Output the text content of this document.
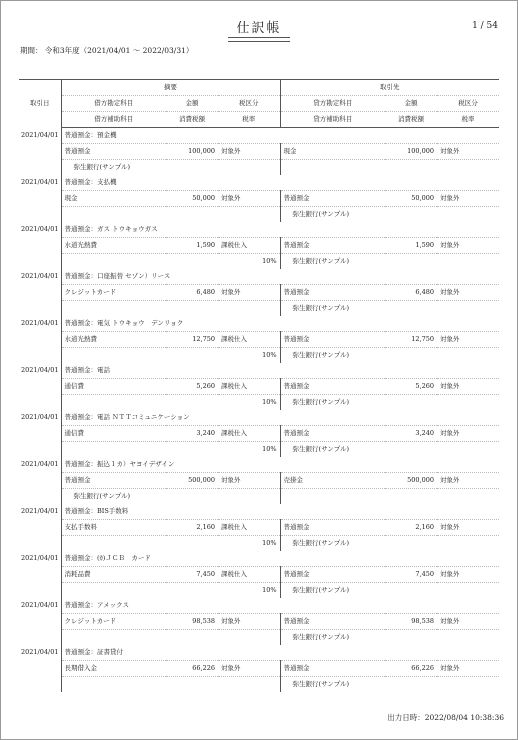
仕訳帳	1 / 54
期間： 令和3年度（2021/04/01 ～ 2022/03/31）
取引日	摘要			取引先		
	借方勘定科目	金額	税区分	貸方勘定科目	金額	税区分
	借方補助科目	消費税額	税率	貸方補助科目	消費税額	税率
2021/04/01	普通預金：預金機					
	普通預金	100,000	対象外	現金	100,000	対象外
	弥生銀行(サンプル)					
2021/04/01	普通預金：支払機					
	現金	50,000	対象外	普通預金	50,000	対象外
				弥生銀行(サンプル)		
2021/04/01	普通預金：ガス トウキョウガス					
	水道光熱費	1,590	課税仕入	普通預金	1,590	対象外
			10%	弥生銀行(サンプル)		
2021/04/01	普通預金：口座振替 セゾン）リース					
	クレジットカード	6,480	対象外	普通預金	6,480	対象外
				弥生銀行(サンプル)		
2021/04/01	普通預金：電気 トウキョウ　デンリョク					
	水道光熱費	12,750	課税仕入	普通預金	12,750	対象外
			10%	弥生銀行(サンプル)		
2021/04/01	普通預金：電話					
	通信費	5,260	課税仕入	普通預金	5,260	対象外
			10%	弥生銀行(サンプル)		
2021/04/01	普通預金：電話 ＮＴＴコミュニケーション					
	通信費	3,240	課税仕入	普通預金	3,240	対象外
			10%	弥生銀行(サンプル)		
2021/04/01	普通預金：振込１カ）ヤヨイデザイン					
	普通預金	500,000	対象外	売掛金	500,000	対象外
	弥生銀行(サンプル)					
2021/04/01	普通預金：BIS手数料					
	支払手数料	2,160	課税仕入	普通預金	2,160	対象外
			10%	弥生銀行(サンプル)		
2021/04/01	普通預金：(ｶ)ＪＣＢ　カード					
	消耗品費	7,450	課税仕入	普通預金	7,450	対象外
			10%	弥生銀行(サンプル)		
2021/04/01	普通預金：アメックス					
	クレジットカード	98,538	対象外	普通預金	98,538	対象外
				弥生銀行(サンプル)		
2021/04/01	普通預金：証書貸付					
	長期借入金	66,226	対象外	普通預金	66,226	対象外
				弥生銀行(サンプル)		
出力日時：2022/08/04 10:38:36
